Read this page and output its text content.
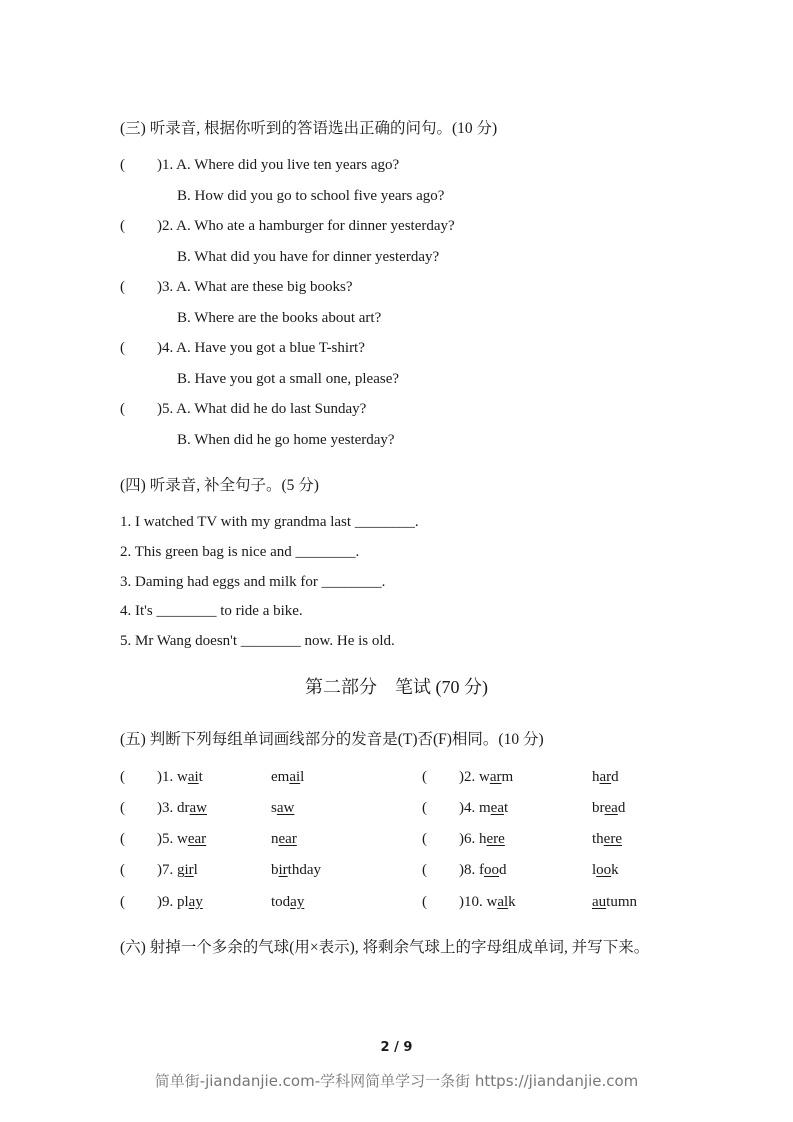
(三) 听录音, 根据你听到的答语选出正确的问句。(10 分)
( )1. A. Where did you live ten years ago?
B. How did you go to school five years ago?
( )2. A. Who ate a hamburger for dinner yesterday?
B. What did you have for dinner yesterday?
( )3. A. What are these big books?
B. Where are the books about art?
( )4. A. Have you got a blue T-shirt?
B. Have you got a small one, please?
( )5. A. What did he do last Sunday?
B. When did he go home yesterday?
(四) 听录音, 补全句子。(5 分)
1. I watched TV with my grandma last ________.
2. This green bag is nice and ________.
3. Daming had eggs and milk for ________.
4. It's ________ to ride a bike.
5. Mr Wang doesn't ________ now. He is old.
第二部分　笔试 (70 分)
(五) 判断下列每组单词画线部分的发音是(T)否(F)相同。(10 分)
( )1. wait	email	( )2. warm	hard
( )3. draw	saw	( )4. meat	bread
( )5. wear	near	( )6. here	there
( )7. girl	birthday	( )8. food	look
( )9. play	today	( )10. walk	autumn
(六) 射掉一个多余的气球(用×表示), 将剩余气球上的字母组成单词, 并写下来。
2 / 9
简单街-jiandanjie.com-学科网简单学习一条街 https://jiandanjie.com
